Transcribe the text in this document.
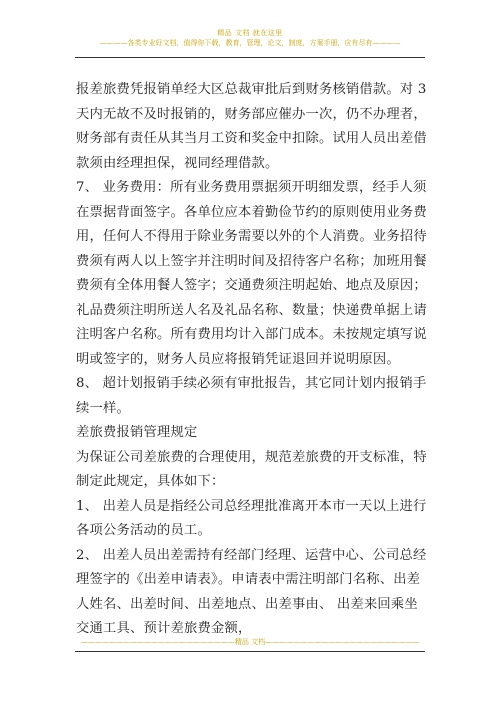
精品 文档 就在这里
————各类专业好文档，值得你下载，教育，管理，论文，制度，方案手册，应有尽有————

报差旅费凭报销单经大区总裁审批后到财务核销借款。对 3 天内无故不及时报销的，财务部应催办一次，仍不办理者，财务部有责任从其当月工资和奖金中扣除。试用人员出差借款须由经理担保，视同经理借款。

7、 业务费用：所有业务费用票据须开明细发票，经手人须在票据背面签字。各单位应本着勤俭节约的原则使用业务费用，任何人不得用于除业务需要以外的个人消费。业务招待费须有两人以上签字并注明时间及招待客户名称；加班用餐费须有全体用餐人签字；交通费须注明起始、地点及原因；礼品费须注明所送人名及礼品名称、数量；快递费单据上请注明客户名称。所有费用均计入部门成本。未按规定填写说明或签字的，财务人员应将报销凭证退回并说明原因。

8、 超计划报销手续必须有审批报告，其它同计划内报销手续一样。

差旅费报销管理规定

为保证公司差旅费的合理使用，规范差旅费的开支标准，特制定此规定，具体如下：

1、 出差人员是指经公司总经理批准离开本市一天以上进行各项公务活动的员工。

2、 出差人员出差需持有经部门经理、运营中心、公司总经理签字的《出差申请表》。申请表中需注明部门名称、出差人姓名、出差时间、出差地点、出差事由、 出差来回乘坐交通工具、预计差旅费金额，

——————————————————————精品 文档——————————————————————
